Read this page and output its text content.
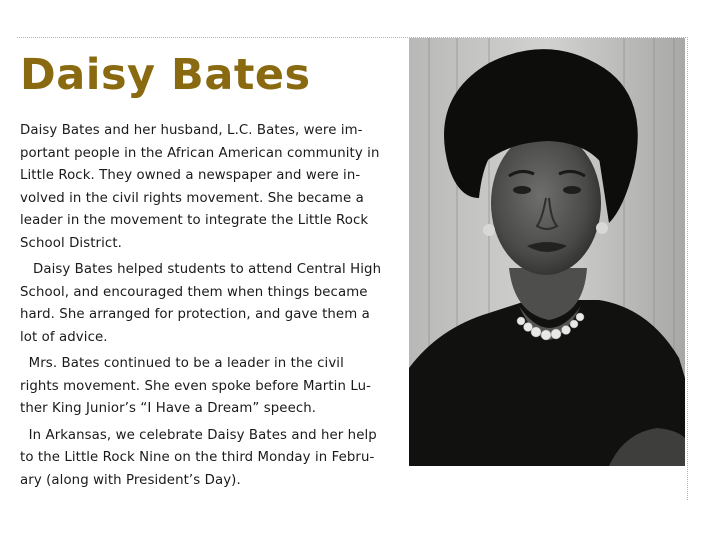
Daisy Bates

Daisy Bates and her husband, L.C. Bates, were im-
portant people in the African American community in
Little Rock. They owned a newspaper and were in-
volved in the civil rights movement. She became a
leader in the movement to integrate the Little Rock
School District.

Daisy Bates helped students to attend Central High
School, and encouraged them when things became
hard. She arranged for protection, and gave them a
lot of advice.

Mrs. Bates continued to be a leader in the civil
rights movement. She even spoke before Martin Lu-
ther King Junior’s “I Have a Dream” speech.

In Arkansas, we celebrate Daisy Bates and her help
to the Little Rock Nine on the third Monday in Febru-
ary (along with President’s Day).
